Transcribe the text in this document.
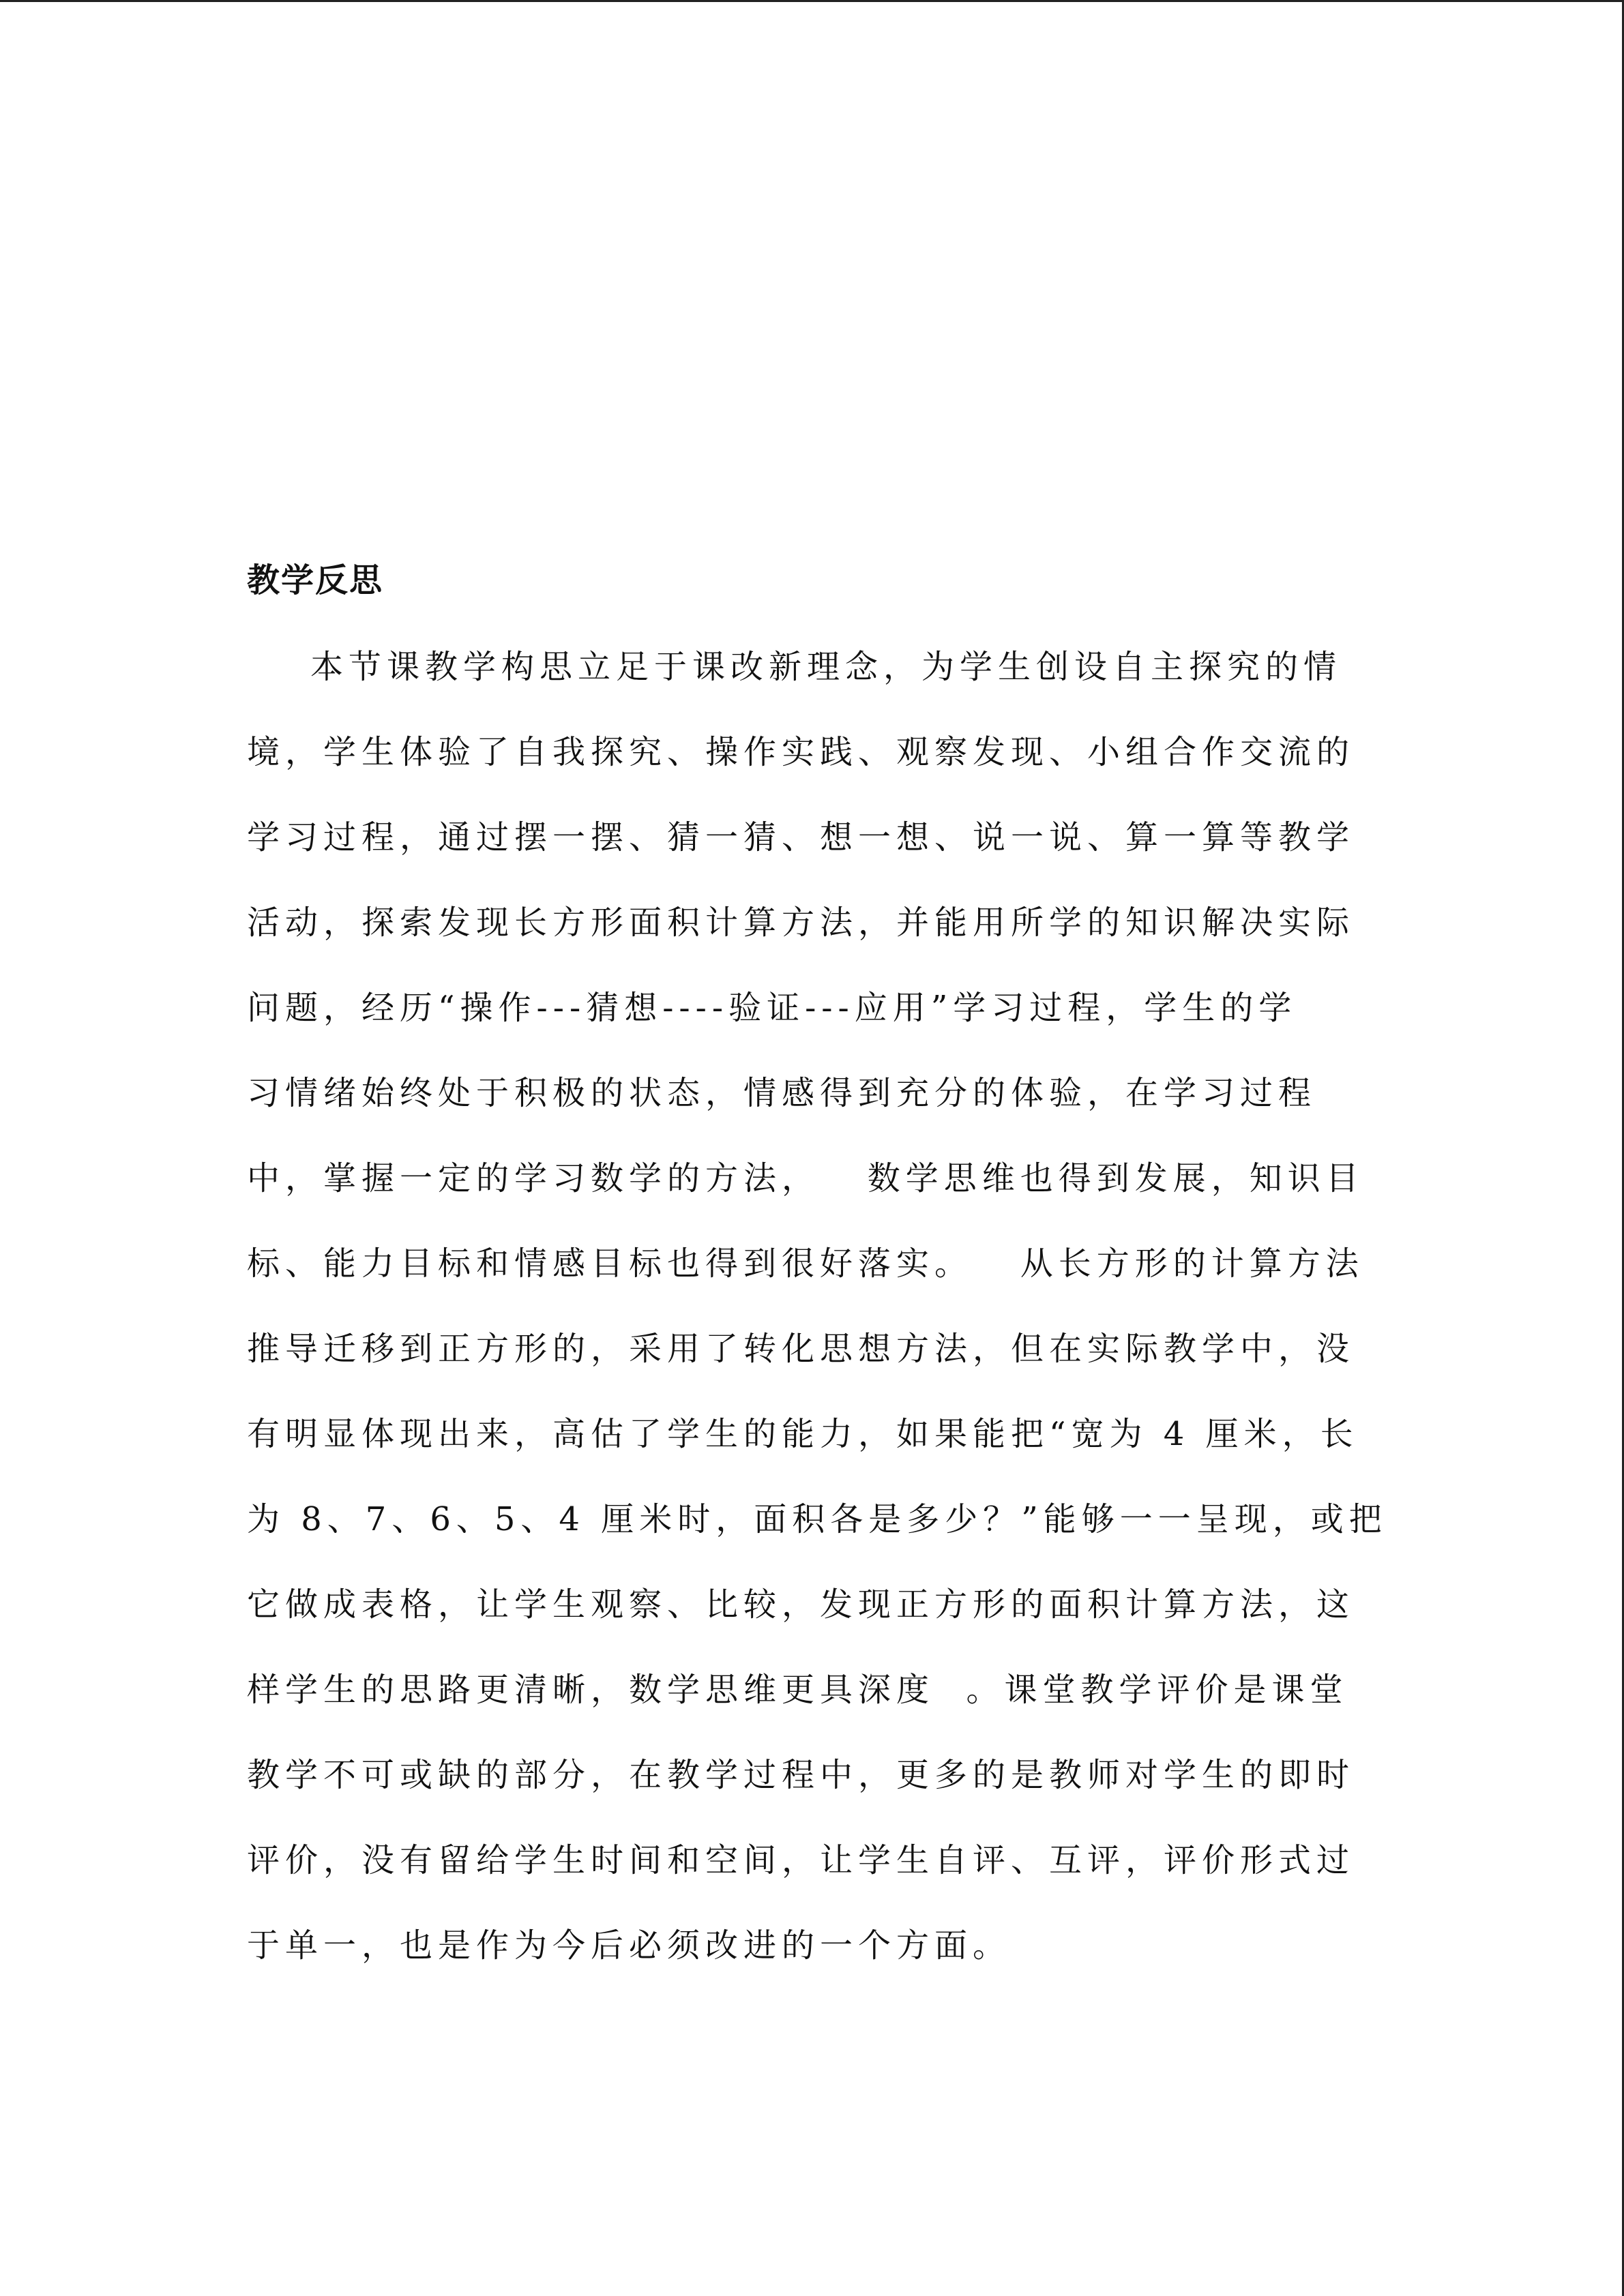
教学反思
本节课教学构思立足于课改新理念，为学生创设自主探究的情
境，学生体验了自我探究、操作实践、观察发现、小组合作交流的
学习过程，通过摆一摆、猜一猜、想一想、说一说、算一算等教学
活动，探索发现长方形面积计算方法，并能用所学的知识解决实际
问题，经历“操作---猜想----验证---应用”学习过程，学生的学
习情绪始终处于积极的状态，情感得到充分的体验，在学习过程
中，掌握一定的学习数学的方法，   数学思维也得到发展，知识目
标、能力目标和情感目标也得到很好落实。   从长方形的计算方法
推导迁移到正方形的，采用了转化思想方法，但在实际教学中，没
有明显体现出来，高估了学生的能力，如果能把“宽为 4 厘米，长
为 8、7、6、5、4 厘米时，面积各是多少？”能够一一呈现，或把
它做成表格，让学生观察、比较，发现正方形的面积计算方法，这
样学生的思路更清晰，数学思维更具深度  。课堂教学评价是课堂
教学不可或缺的部分，在教学过程中，更多的是教师对学生的即时
评价，没有留给学生时间和空间，让学生自评、互评，评价形式过
于单一，也是作为今后必须改进的一个方面。
